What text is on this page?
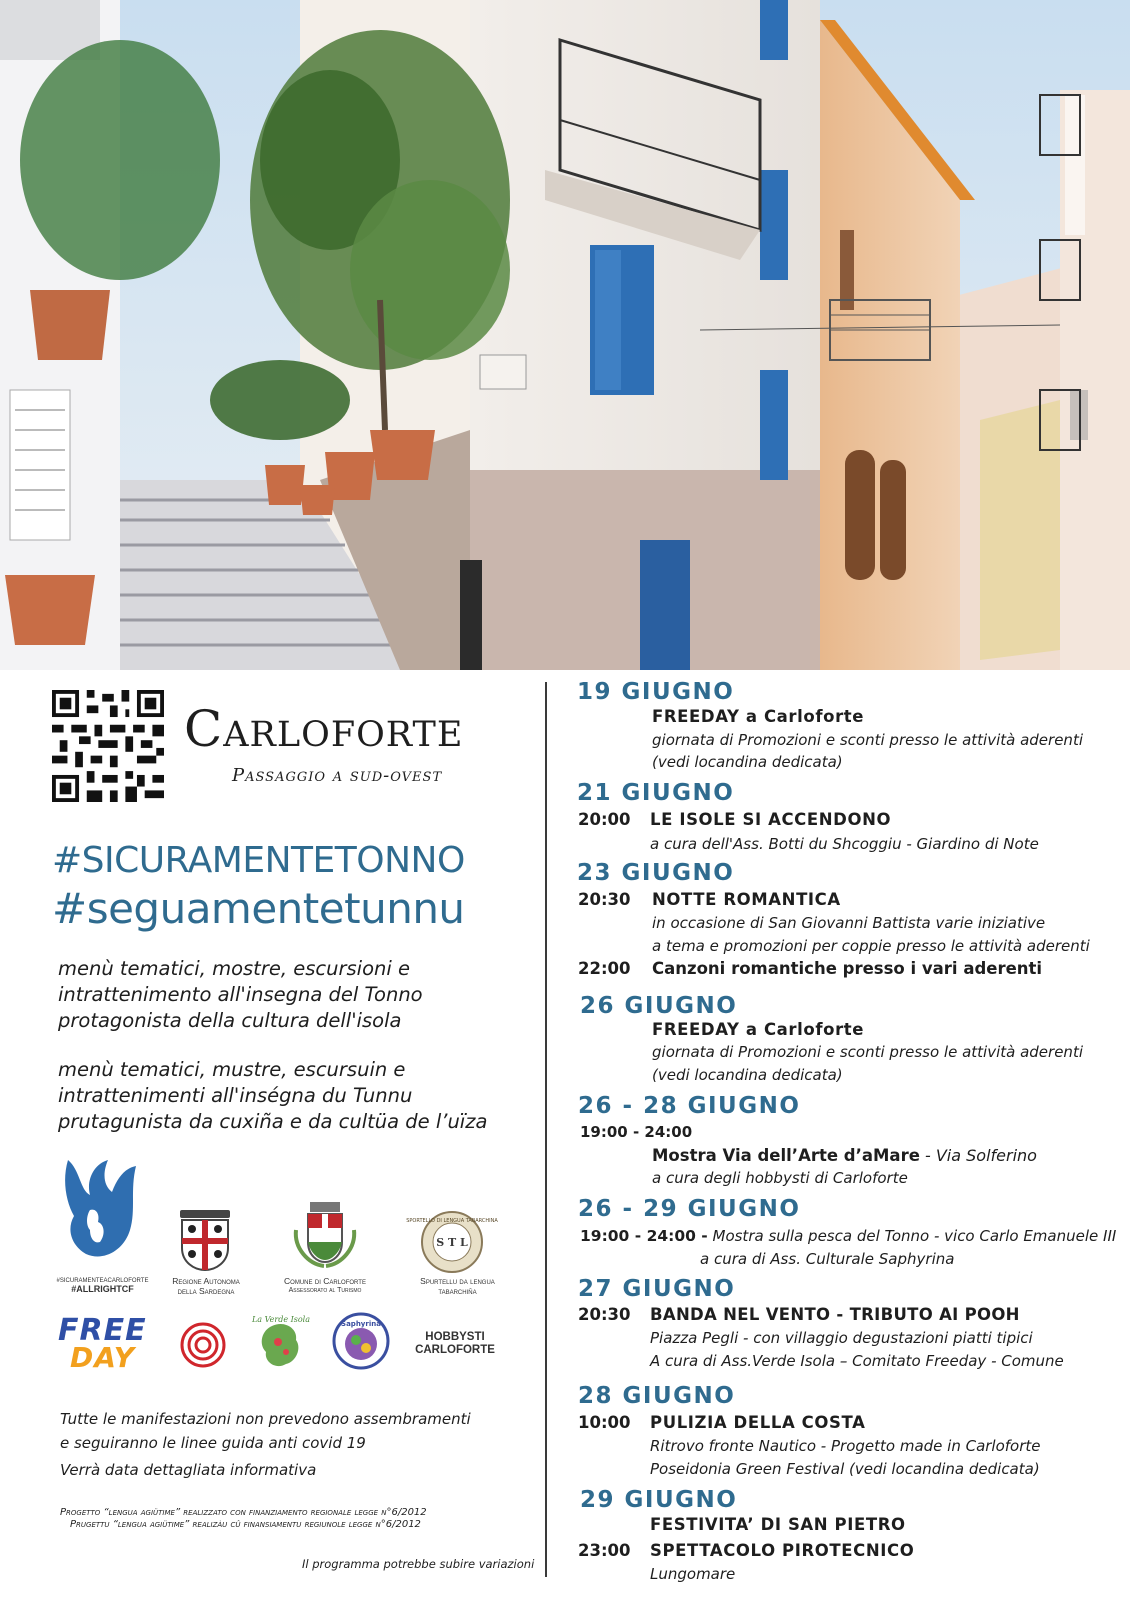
Carloforte
Passaggio a sud-ovest
#SICURAMENTETONNO
#seguamentetunnu
menù tematici, mostre, escursioni e intrattenimento all'insegna del Tonno protagonista della cultura dell'isola
menù tematici, mustre, escursuin e intrattenimenti all'inségna du Tunnu prutagunista da cuxiña e da cultüa de l’uïza
#SICURAMENTEACARLOFORTE
#ALLRIGHTCF
Regione Autonoma
della Sardegna
Comune di Carloforte
Assessorato al Turismo
SPORTELLO DI LENGUA TABARCHINA
S T L
Spurtellu da lengua tabarchiña
FREE
DAY
La Verde Isola	Saphyrina
HOBBYSTI
CARLOFORTE
Tutte le manifestazioni non prevedono assembramenti
e seguiranno le linee guida anti covid 19
Verrà data dettagliata informativa
Progetto “lengua agiütime” realizzato con finanziamento regionale legge n°6/2012
Prugettu “lengua agiütime” realizàu cû finansiamentu regiunole legge n°6/2012
Il programma potrebbe subire variazioni
19 GIUGNO
FREEDAY a Carloforte
giornata di Promozioni e sconti presso le attività aderenti
(vedi locandina dedicata)
21 GIUGNO
20:00 LE ISOLE SI ACCENDONO
a cura dell'Ass. Botti du Shcoggiu - Giardino di Note
23 GIUGNO
20:30 NOTTE ROMANTICA
in occasione di San Giovanni Battista varie iniziative
a tema e promozioni per coppie presso le attività aderenti
22:00 Canzoni romantiche presso i vari aderenti
26 GIUGNO
FREEDAY a Carloforte
giornata di Promozioni e sconti presso le attività aderenti
(vedi locandina dedicata)
26 - 28 GIUGNO
19:00 - 24:00
Mostra Via dell’Arte d’aMare - Via Solferino
a cura degli hobbysti di Carloforte
26 - 29 GIUGNO
19:00 - 24:00 - Mostra sulla pesca del Tonno - vico Carlo Emanuele III
a cura di Ass. Culturale Saphyrina
27 GIUGNO
20:30 BANDA NEL VENTO - TRIBUTO AI POOH
Piazza Pegli - con villaggio degustazioni piatti tipici
A cura di Ass.Verde Isola – Comitato Freeday - Comune
28 GIUGNO
10:00 PULIZIA DELLA COSTA
Ritrovo fronte Nautico - Progetto made in Carloforte
Poseidonia Green Festival (vedi locandina dedicata)
29 GIUGNO
FESTIVITA’ DI SAN PIETRO
23:00 SPETTACOLO PIROTECNICO
Lungomare
